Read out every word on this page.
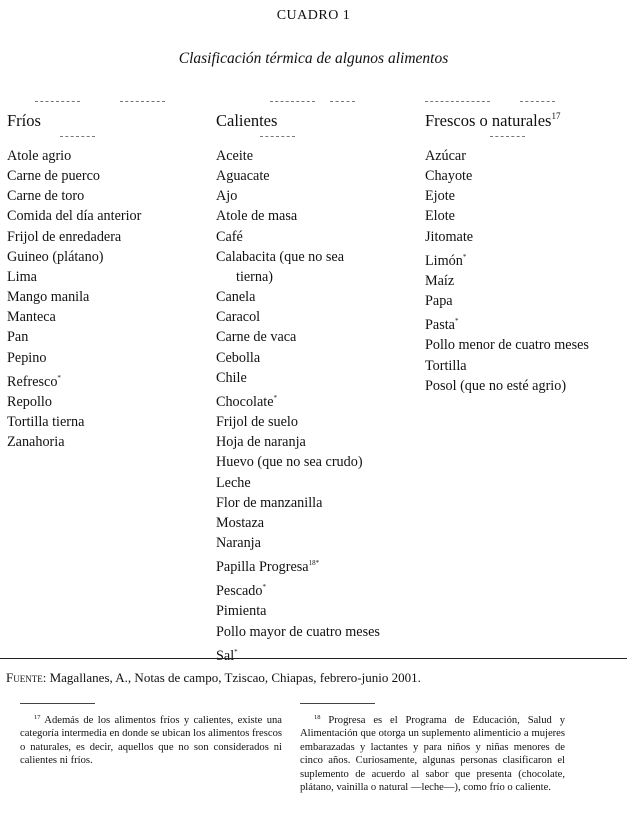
CUADRO 1
Clasificación térmica de algunos alimentos
Fríos	Calientes	Frescos o naturales$^{17}$
Atole agrio
Carne de puerco
Carne de toro
Comida del día anterior
Frijol de enredadera
Guineo (plátano)
Lima
Mango manila
Manteca
Pan
Pepino
Refresco*
Repollo
Tortilla tierna
Zanahoria
Aceite
Aguacate
Ajo
Atole de masa
Café
Calabacita (que no sea
tierna)
Canela
Caracol
Carne de vaca
Cebolla
Chile
Chocolate*
Frijol de suelo
Hoja de naranja
Huevo (que no sea crudo)
Leche
Flor de manzanilla
Mostaza
Naranja
Papilla Progresa$^{18*}$
Pescado*
Pimienta
Pollo mayor de cuatro meses
Sal*
Azúcar
Chayote
Ejote
Elote
Jitomate
Limón*
Maíz
Papa
Pasta*
Pollo menor de cuatro meses
Tortilla
Posol (que no esté agrio)
Fuente: Magallanes, A., Notas de campo, Tziscao, Chiapas, febrero-junio 2001.
$^{17}$ Además de los alimentos fríos y calientes, existe una categoría intermedia en donde se ubican los alimentos frescos o naturales, es decir, aquellos que no son considerados ni calientes ni fríos.
$^{18}$ Progresa es el Programa de Educación, Salud y Alimentación que otorga un suplemento alimenticio a mujeres embarazadas y lactantes y para niños y niñas menores de cinco años. Curiosamente, algunas personas clasificaron el suplemento de acuerdo al sabor que presenta (chocolate, plátano, vainilla o natural —leche—), como frío o caliente.
